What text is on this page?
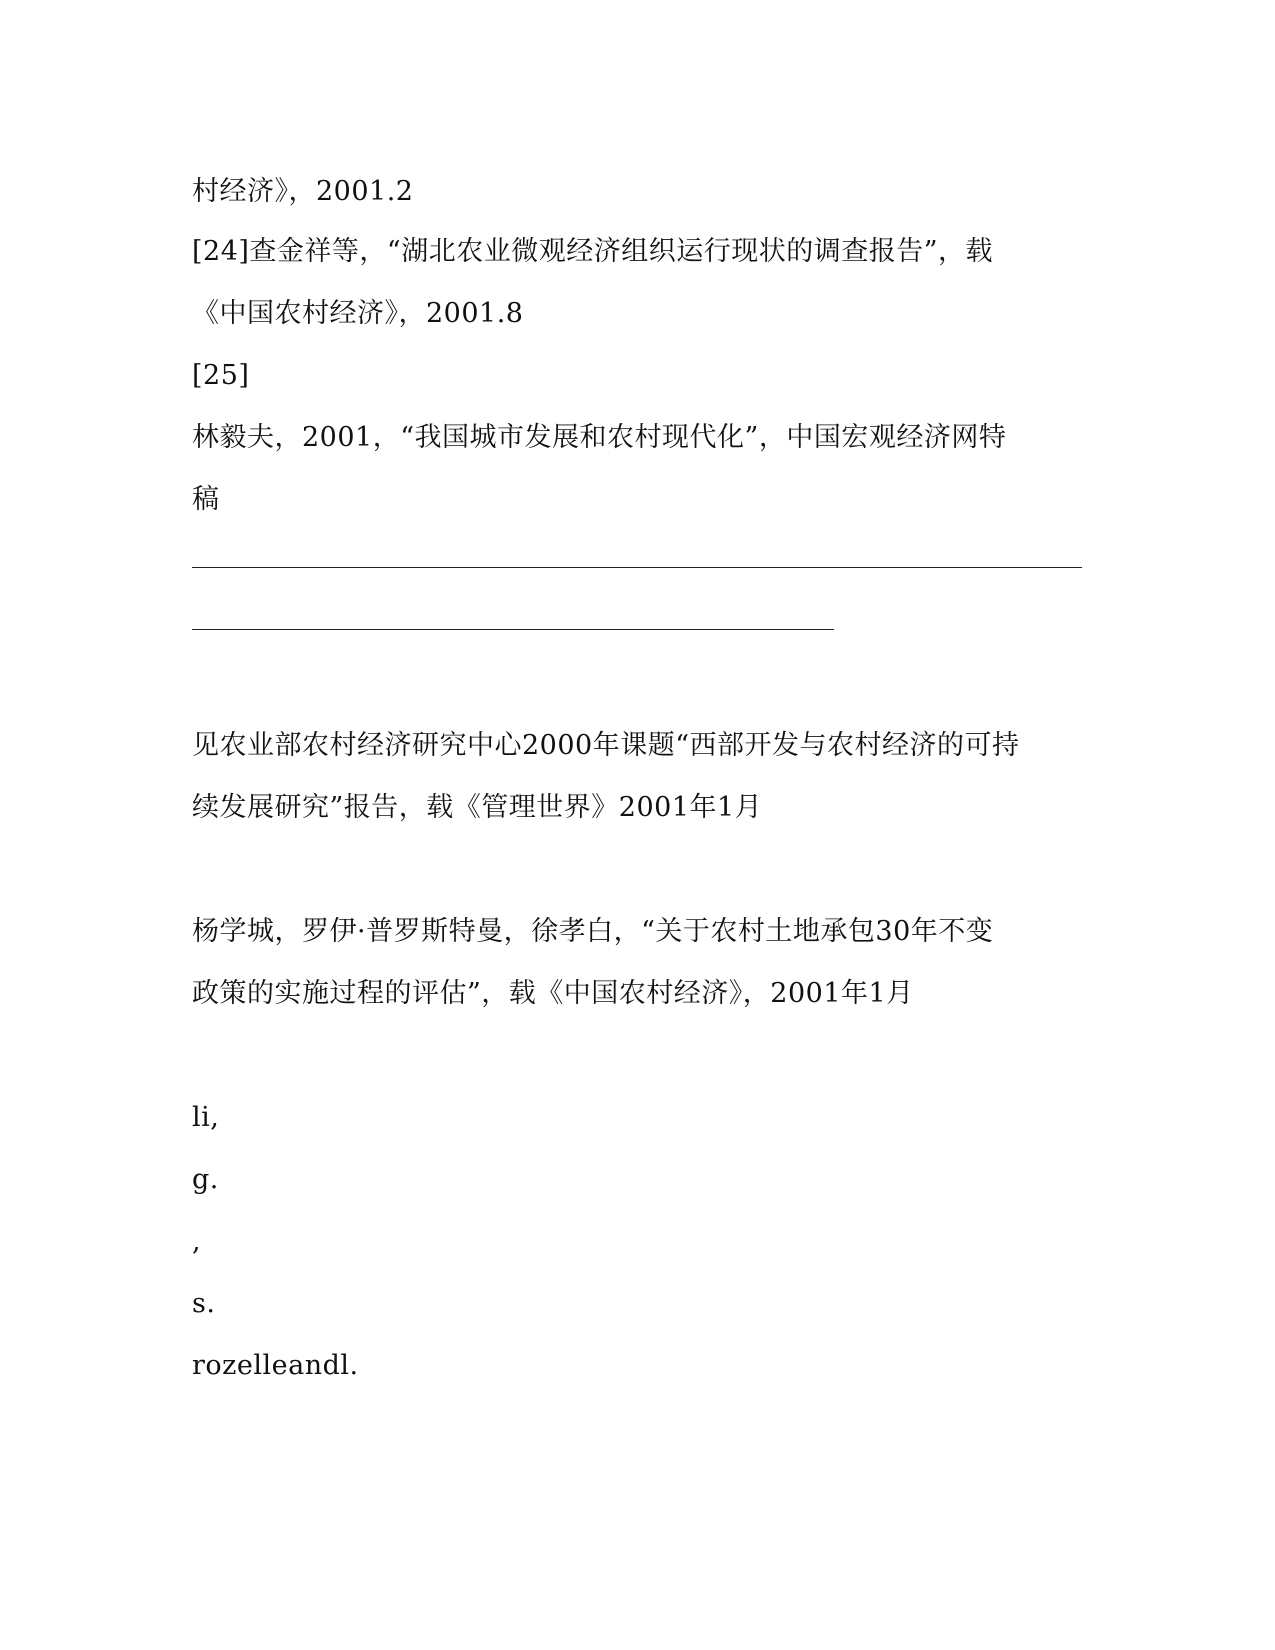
村经济》，2001.2
[24]查金祥等，“湖北农业微观经济组织运行现状的调查报告”，载
《中国农村经济》，2001.8
[25]
林毅夫，2001，“我国城市发展和农村现代化”，中国宏观经济网特
稿
见农业部农村经济研究中心2000年课题“西部开发与农村经济的可持
续发展研究”报告，载《管理世界》2001年1月
杨学城，罗伊·普罗斯特曼，徐孝白，“关于农村土地承包30年不变
政策的实施过程的评估”，载《中国农村经济》，2001年1月
li,
g.
,
s.
rozelleandl.
